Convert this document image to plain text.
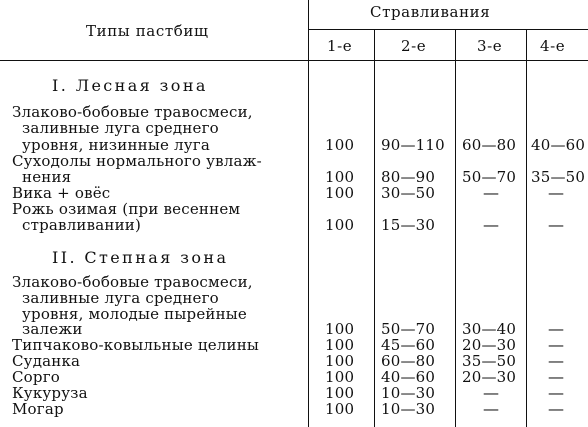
Типы пастбищ
Стравливания
1-е	2-е	3-е	4-е
I. Лесная зона
Злаково-бобовые травосмеси,
заливные луга среднего
уровня, низинные луга	100 90—110 60—80 40—60
Суходолы нормального увлаж-
нения	100 80—90 50—70 35—50
Вика + овёс	100 30—50	—	—
Рожь озимая (при весеннем
стравливании)	100 15—30	—	—
II. Степная зона
Злаково-бобовые травосмеси,
заливные луга среднего
уровня, молодые пырейные
залежи	100 50—70 30—40 —
Типчаково-ковыльные целины	100 45—60 20—30 —
Суданка	100 60—80 35—50 —
Сорго	100 40—60 20—30 —
Кукуруза	100 10—30	—	—
Могар	100 10—30	—	—
